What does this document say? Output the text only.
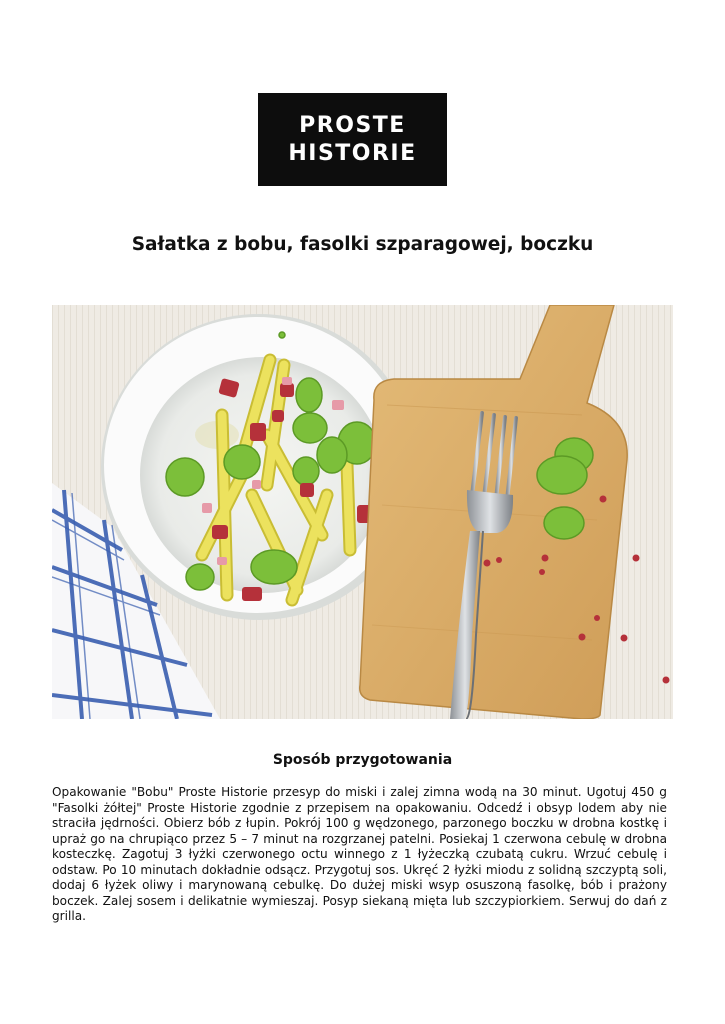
PROSTE
HISTORIE
Sałatka z bobu, fasolki szparagowej, boczku
Sposób przygotowania

Opakowanie "Bobu" Proste Historie przesyp do miski i zalej zimna wodą na 30 minut. Ugotuj 450 g "Fasolki żółtej" Proste Historie zgodnie z przepisem na opakowaniu. Odcedź i obsyp lodem aby nie straciła jędrności. Obierz bób z łupin. Pokrój 100 g wędzonego, parzonego boczku w drobna kostkę i upraż go na chrupiąco przez 5 – 7 minut na rozgrzanej patelni. Posiekaj 1 czerwona cebulę w drobna kosteczkę. Zagotuj 3 łyżki czerwonego octu winnego z 1 łyżeczką czubatą cukru. Wrzuć cebulę i odstaw. Po 10 minutach dokładnie odsącz. Przygotuj sos. Ukręć 2 łyżki miodu z solidną szczyptą soli, dodaj 6 łyżek oliwy i marynowaną cebulkę. Do dużej miski wsyp osuszoną fasolkę, bób i prażony boczek. Zalej sosem i delikatnie wymieszaj. Posyp siekaną mięta lub szczypiorkiem. Serwuj do dań z grilla.
